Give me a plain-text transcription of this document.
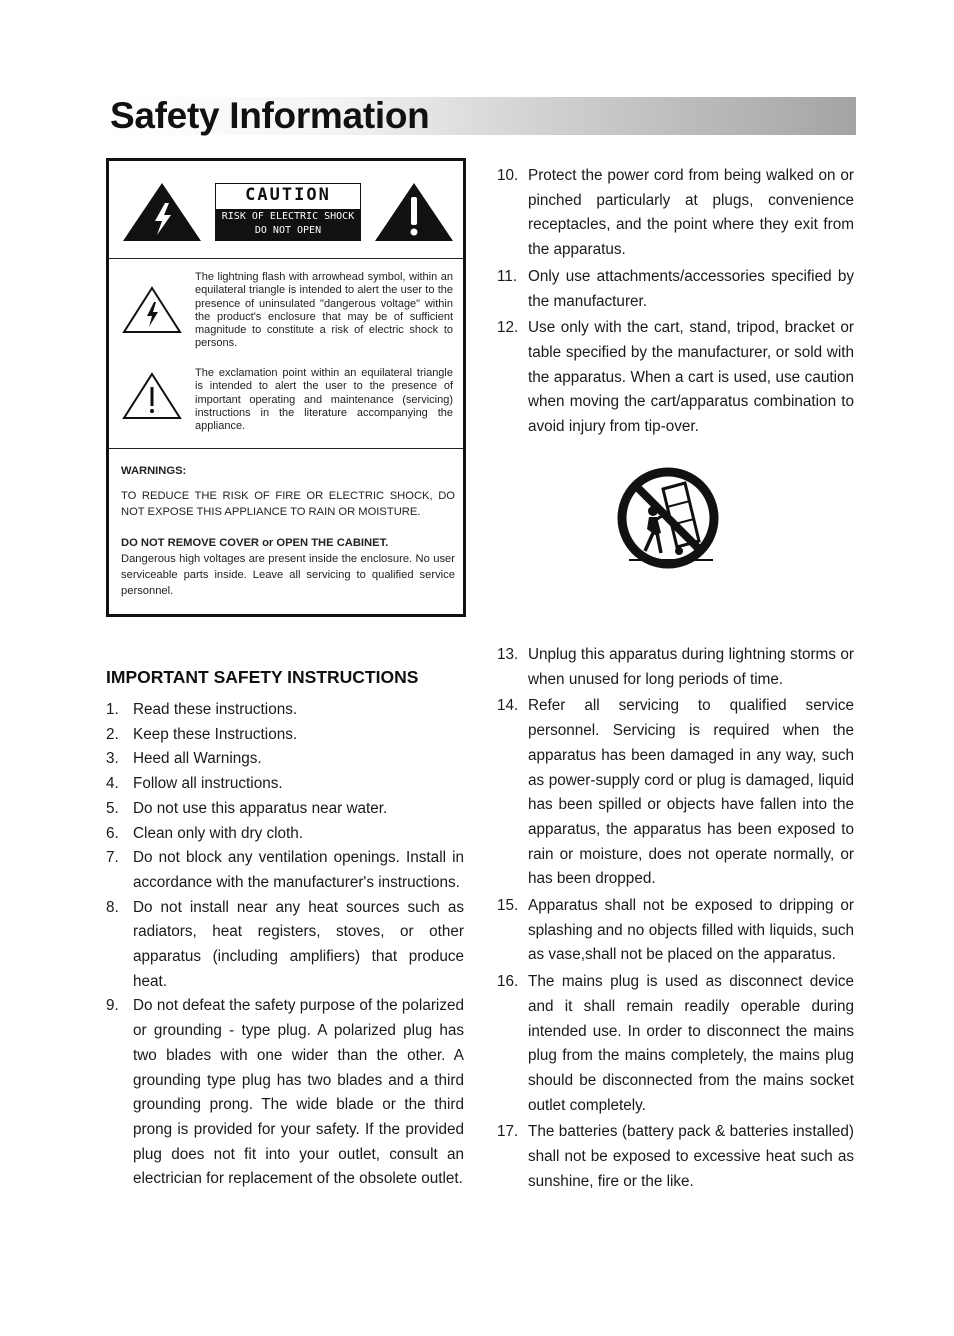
Safety Information
CAUTION
RISK OF ELECTRIC SHOCK
DO NOT OPEN
The lightning flash with arrowhead symbol, within an equilateral triangle is intended to alert the user to the presence of uninsulated "dangerous voltage" within the product's enclosure that may be of sufficient magnitude to constitute a risk of electric shock to persons.
The exclamation point within an equilateral triangle is intended to alert the user to the presence of important operating and maintenance (servicing) instructions in the literature accompanying the appliance.
WARNINGS:
TO REDUCE THE RISK OF FIRE OR ELECTRIC SHOCK, DO NOT EXPOSE THIS APPLIANCE TO RAIN OR MOISTURE.
DO NOT REMOVE COVER or OPEN THE CABINET.
Dangerous high voltages are present inside the enclosure. No user serviceable parts inside. Leave all servicing to qualified service personnel.
IMPORTANT SAFETY INSTRUCTIONS
1. Read these instructions.
2. Keep these Instructions.
3. Heed all Warnings.
4. Follow all instructions.
5. Do not use this apparatus near water.
6. Clean only with dry cloth.
7. Do not block any ventilation openings. Install in accordance with the manufacturer's instructions.
8. Do not install near any heat sources such as radiators, heat registers, stoves, or other apparatus (including amplifiers) that produce heat.
9. Do not defeat the safety purpose of the polarized or grounding - type plug. A polarized plug has two blades with one wider than the other. A grounding type plug has two blades and a third grounding prong. The wide blade or the third prong is provided for your safety. If the provided plug does not fit into your outlet, consult an electrician for replacement of the obsolete outlet.
10. Protect the power cord from being walked on or pinched particularly at plugs, convenience receptacles, and the point where they exit from the apparatus.
11. Only use attachments/accessories specified by the manufacturer.
12. Use only with the cart, stand, tripod, bracket or table specified by the manufacturer, or sold with the apparatus. When a cart is used, use caution when moving the cart/apparatus combination to avoid injury from tip-over.
13. Unplug this apparatus during lightning storms or when unused for long periods of time.
14. Refer all servicing to qualified service personnel. Servicing is required when the apparatus has been damaged in any way, such as power-supply cord or plug is damaged, liquid has been spilled or objects have fallen into the apparatus, the apparatus has been exposed to rain or moisture, does not operate normally, or has been dropped.
15. Apparatus shall not be exposed to dripping or splashing and no objects filled with liquids, such as vase,shall not be placed on the apparatus.
16. The mains plug is used as disconnect device and it shall remain readily operable during intended use. In order to disconnect the mains plug from the mains completely, the mains plug should be disconnected from the mains socket outlet completely.
17. The batteries (battery pack & batteries installed) shall not be exposed to excessive heat such as sunshine, fire or the like.
